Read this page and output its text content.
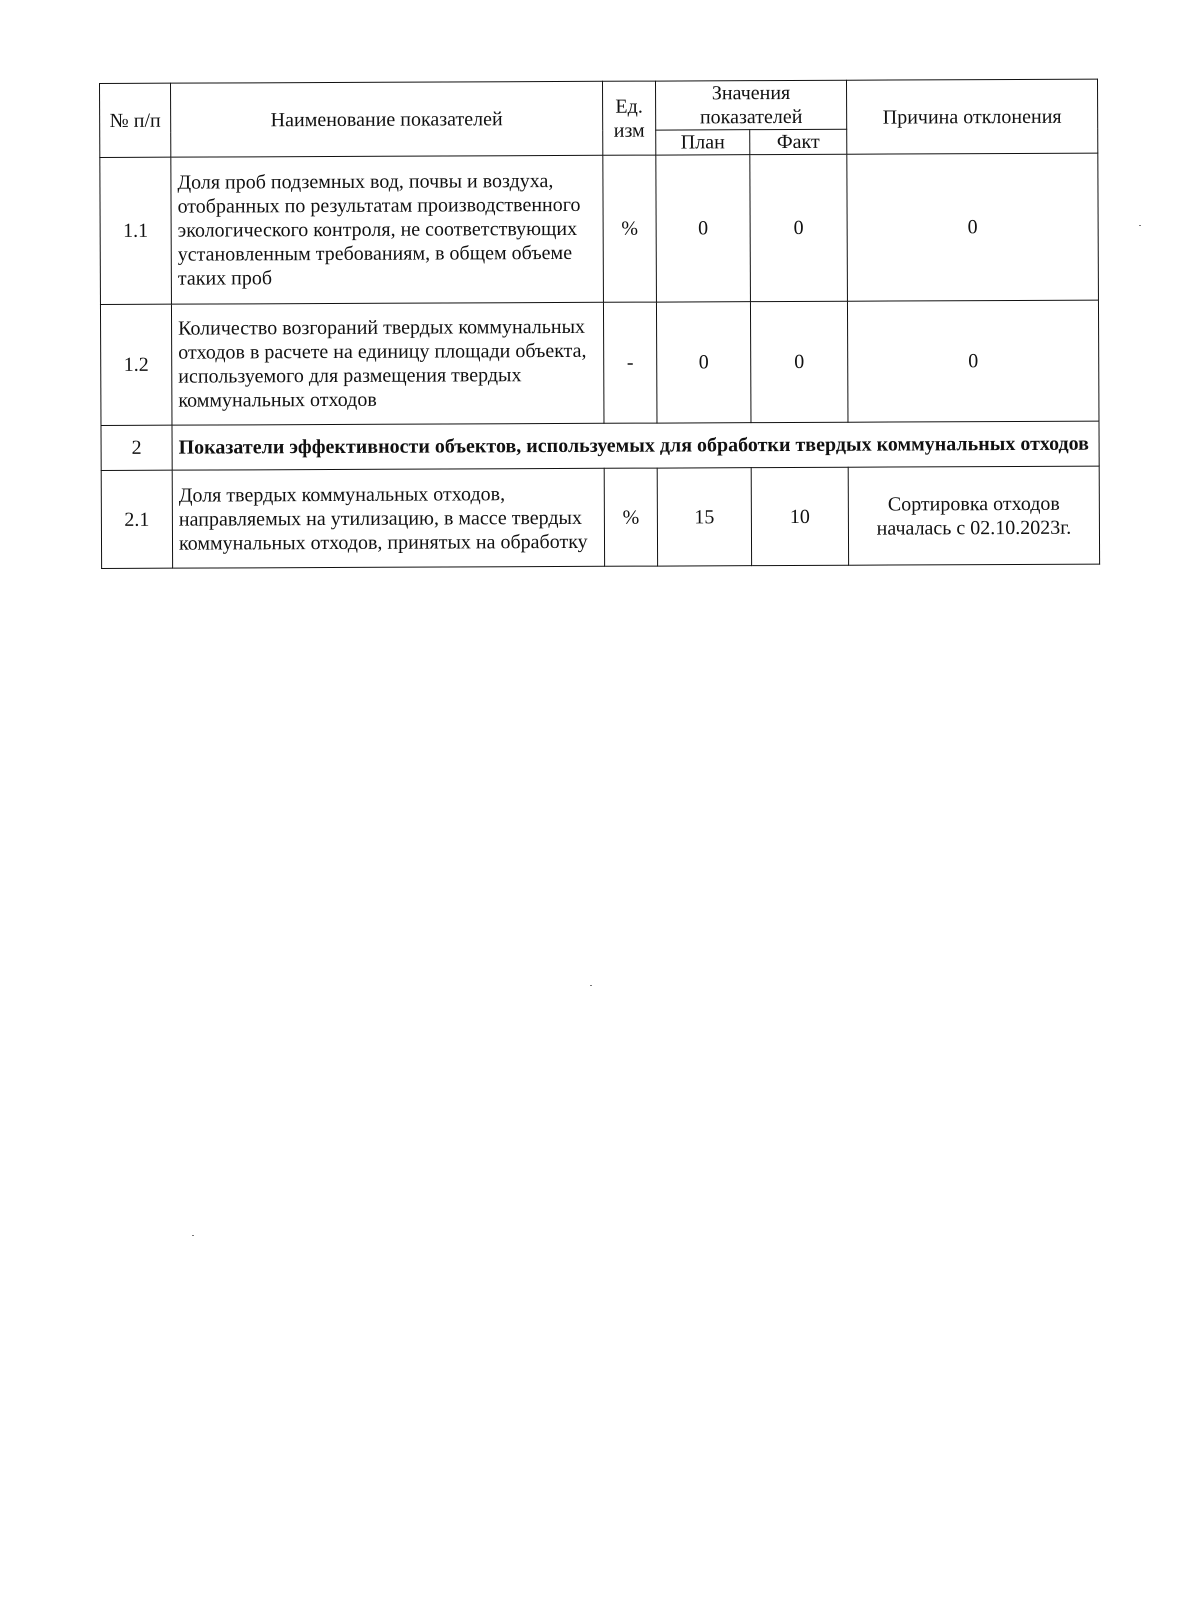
№ п/п	Наименование показателей	Ед. изм	Значения показателей		Причина отклонения
			План	Факт	
1.1	Доля проб подземных вод, почвы и воздуха, отобранных по результатам производственного экологического контроля, не соответствующих установленным требованиям, в общем объеме таких проб	%	0	0	0
1.2	Количество возгораний твердых коммунальных отходов в расчете на единицу площади объекта, используемого для размещения твердых коммунальных отходов	-	0	0	0
2	Показатели эффективности объектов, используемых для обработки твердых коммунальных отходов				
2.1	Доля твердых коммунальных отходов, направляемых на утилизацию, в массе твердых коммунальных отходов, принятых на обработку	%	15	10	Сортировка отходов началась с 02.10.2023г.
